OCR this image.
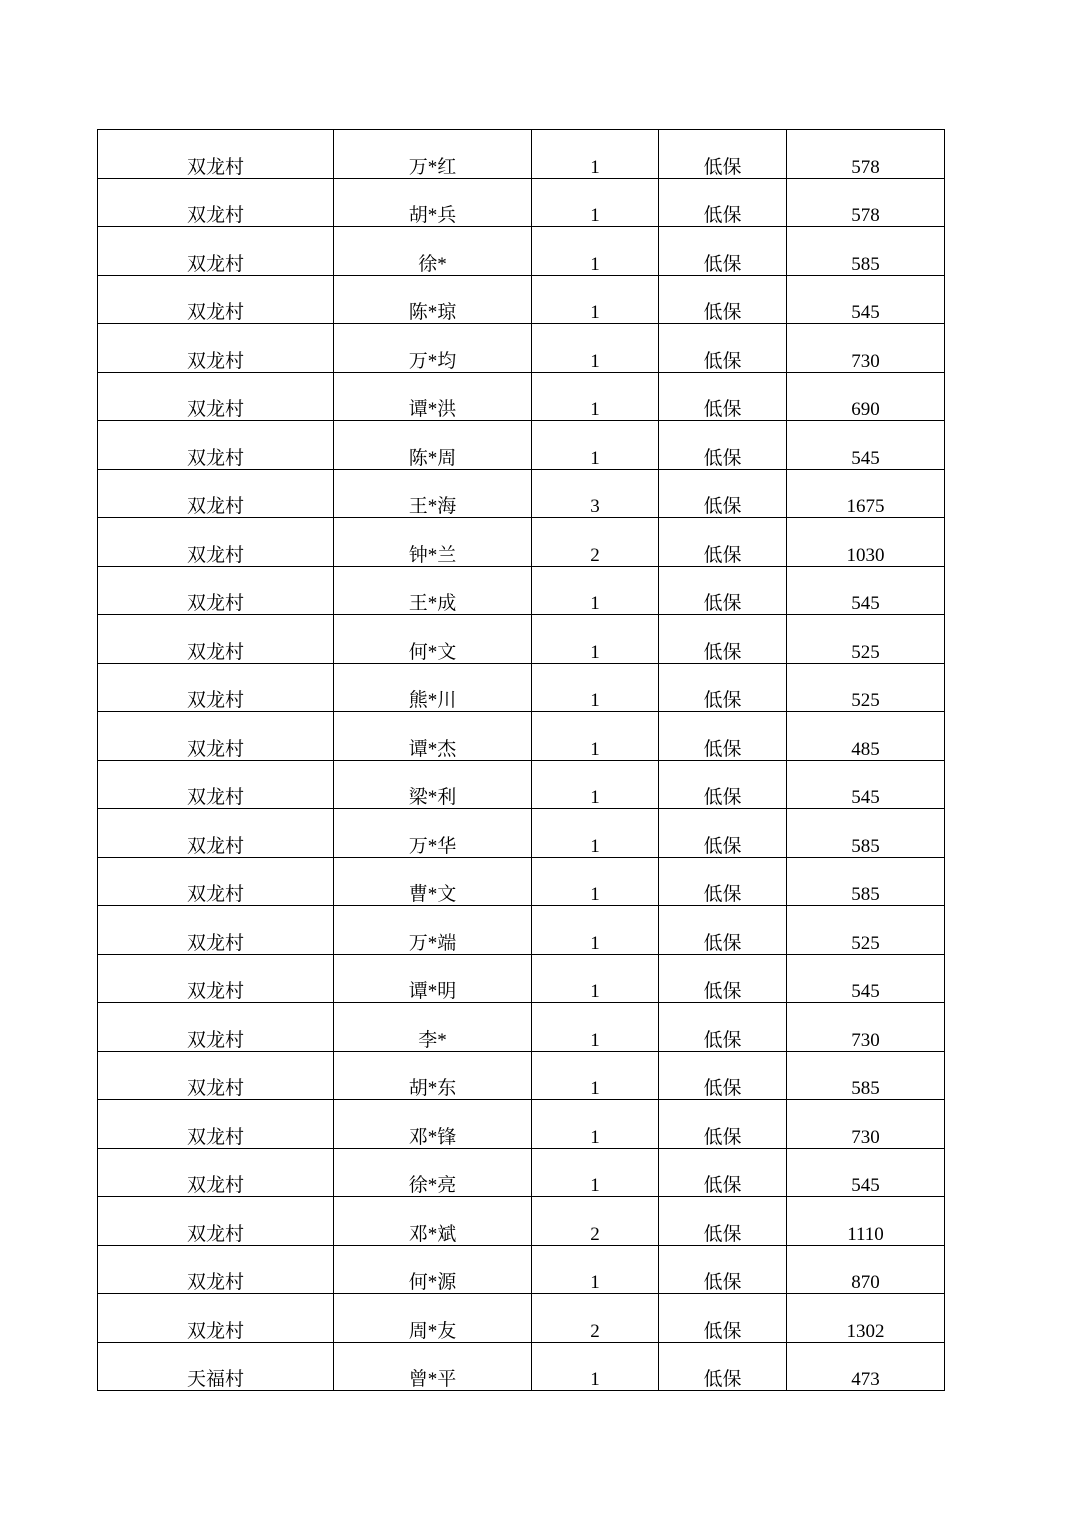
双龙村	万*红	1	低保	578
双龙村	胡*兵	1	低保	578
双龙村	徐*	1	低保	585
双龙村	陈*琼	1	低保	545
双龙村	万*均	1	低保	730
双龙村	谭*洪	1	低保	690
双龙村	陈*周	1	低保	545
双龙村	王*海	3	低保	1675
双龙村	钟*兰	2	低保	1030
双龙村	王*成	1	低保	545
双龙村	何*文	1	低保	525
双龙村	熊*川	1	低保	525
双龙村	谭*杰	1	低保	485
双龙村	梁*利	1	低保	545
双龙村	万*华	1	低保	585
双龙村	曹*文	1	低保	585
双龙村	万*端	1	低保	525
双龙村	谭*明	1	低保	545
双龙村	李*	1	低保	730
双龙村	胡*东	1	低保	585
双龙村	邓*锋	1	低保	730
双龙村	徐*亮	1	低保	545
双龙村	邓*斌	2	低保	1110
双龙村	何*源	1	低保	870
双龙村	周*友	2	低保	1302
天福村	曾*平	1	低保	473
